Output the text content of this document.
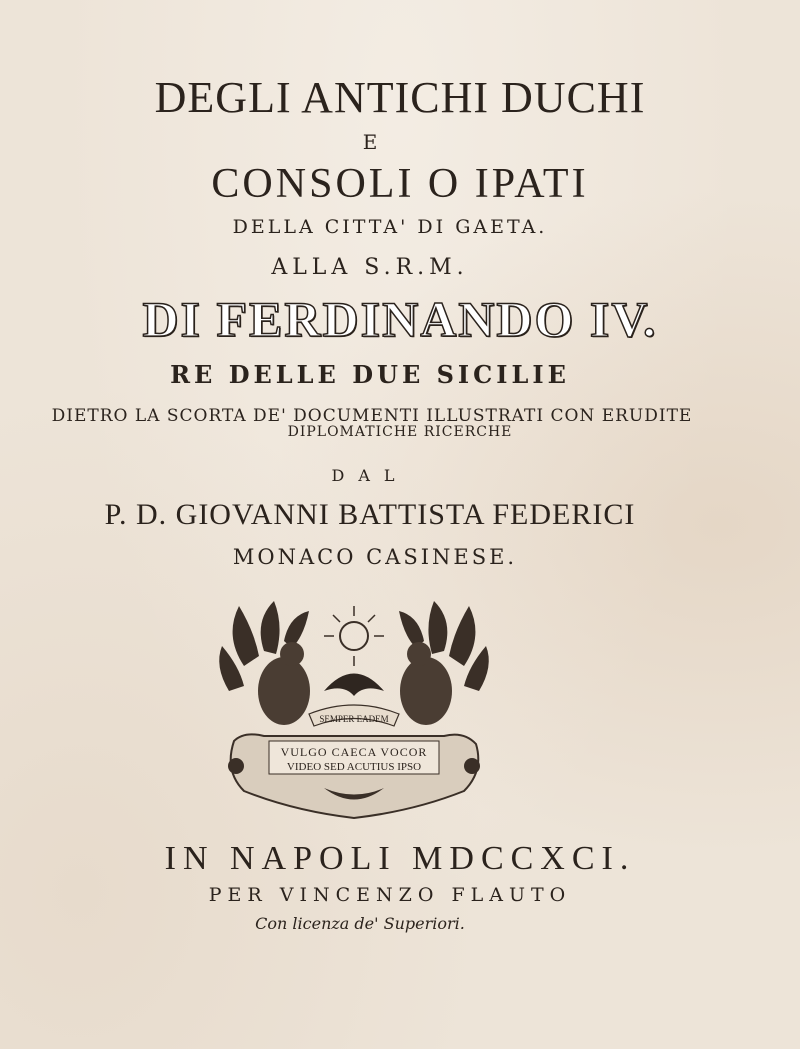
DEGLI ANTICHI DUCHI
E
CONSOLI O IPATI
DELLA CITTA' DI GAETA.
ALLA S.R.M.
DI FERDINANDO IV.
RE DELLE DUE SICILIE
DIETRO LA SCORTA DE' DOCUMENTI ILLUSTRATI CON ERUDITE
DIPLOMATICHE RICERCHE
DAL
P. D. GIOVANNI BATTISTA FEDERICI
MONACO CASINESE.
SEMPER EADEM
VULGO CAECA VOCOR
VIDEO SED ACUTIUS IPSO
IN NAPOLI MDCCXCI.
PER VINCENZO FLAUTO
Con licenza de' Superiori.
